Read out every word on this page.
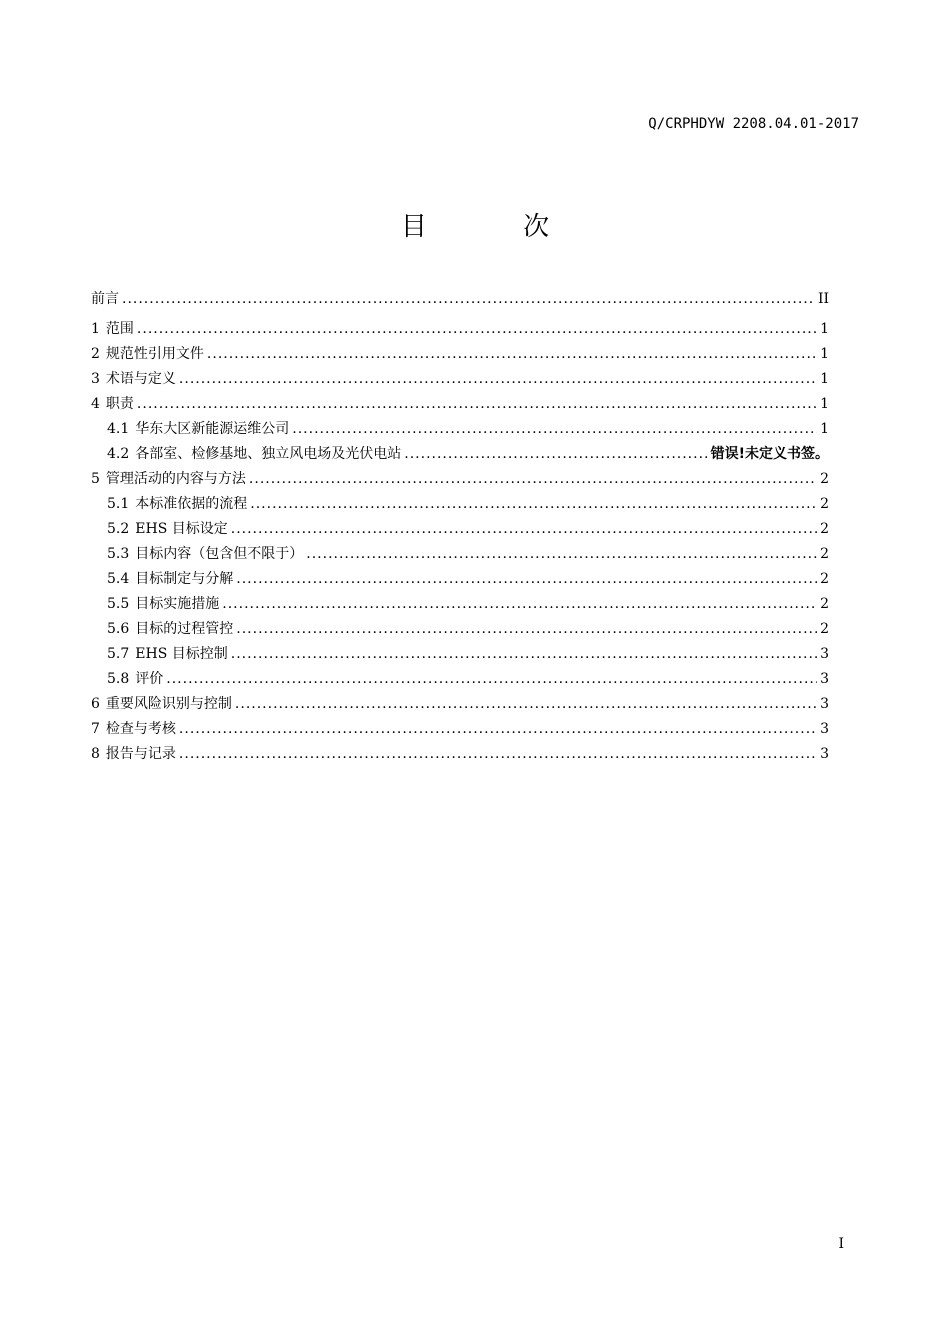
Q/CRPHDYW 2208.04.01-2017
目 次
前言 .....	II
1 范围 .....	1
2 规范性引用文件 .....	1
3 术语与定义 .....	1
4 职责 .....	1
4.1 华东大区新能源运维公司 .....	1
4.2 各部室、检修基地、独立风电场及光伏电站 .....	错误!未定义书签。
5 管理活动的内容与方法 .....	2
5.1 本标准依据的流程 .....	2
5.2 EHS 目标设定 .....	2
5.3 目标内容（包含但不限于） .....	2
5.4 目标制定与分解 .....	2
5.5 目标实施措施 .....	2
5.6 目标的过程管控 .....	2
5.7 EHS 目标控制 .....	3
5.8 评价 .....	3
6 重要风险识别与控制 .....	3
7 检查与考核 .....	3
8 报告与记录 .....	3
I
